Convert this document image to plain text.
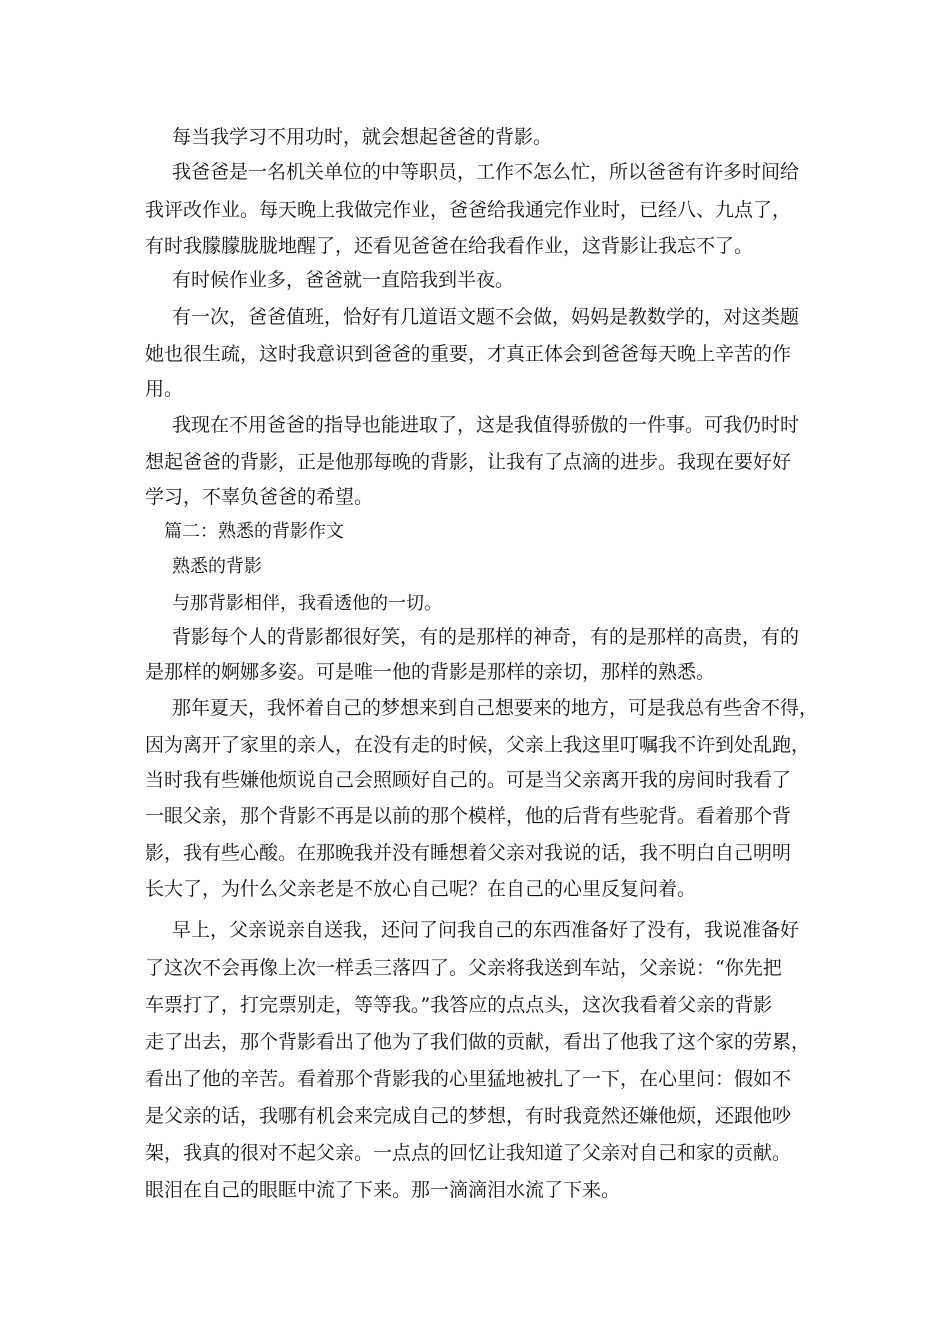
每当我学习不用功时，就会想起爸爸的背影。
我爸爸是一名机关单位的中等职员，工作不怎么忙，所以爸爸有许多时间给
我评改作业。每天晚上我做完作业，爸爸给我通完作业时，已经八、九点了，
有时我朦朦胧胧地醒了，还看见爸爸在给我看作业，这背影让我忘不了。
有时候作业多，爸爸就一直陪我到半夜。
有一次，爸爸值班，恰好有几道语文题不会做，妈妈是教数学的，对这类题
她也很生疏，这时我意识到爸爸的重要，才真正体会到爸爸每天晚上辛苦的作
用。
我现在不用爸爸的指导也能进取了，这是我值得骄傲的一件事。可我仍时时
想起爸爸的背影，正是他那每晚的背影，让我有了点滴的进步。我现在要好好
学习，不辜负爸爸的希望。
篇二：熟悉的背影作文
熟悉的背影
与那背影相伴，我看透他的一切。
背影每个人的背影都很好笑，有的是那样的神奇，有的是那样的高贵，有的
是那样的婀娜多姿。可是唯一他的背影是那样的亲切，那样的熟悉。
那年夏天，我怀着自己的梦想来到自己想要来的地方，可是我总有些舍不得，
因为离开了家里的亲人，在没有走的时候，父亲上我这里叮嘱我不许到处乱跑，
当时我有些嫌他烦说自己会照顾好自己的。可是当父亲离开我的房间时我看了
一眼父亲，那个背影不再是以前的那个模样，他的后背有些驼背。看着那个背
影，我有些心酸。在那晚我并没有睡想着父亲对我说的话，我不明白自己明明
长大了，为什么父亲老是不放心自己呢？在自己的心里反复问着。
早上，父亲说亲自送我，还问了问我自己的东西准备好了没有，我说准备好
了这次不会再像上次一样丢三落四了。父亲将我送到车站，父亲说：“你先把
车票打了，打完票别走，等等我。”我答应的点点头，这次我看着父亲的背影
走了出去，那个背影看出了他为了我们做的贡献，看出了他我了这个家的劳累，
看出了他的辛苦。看着那个背影我的心里猛地被扎了一下，在心里问：假如不
是父亲的话，我哪有机会来完成自己的梦想，有时我竟然还嫌他烦，还跟他吵
架，我真的很对不起父亲。一点点的回忆让我知道了父亲对自己和家的贡献。
眼泪在自己的眼眶中流了下来。那一滴滴泪水流了下来。
